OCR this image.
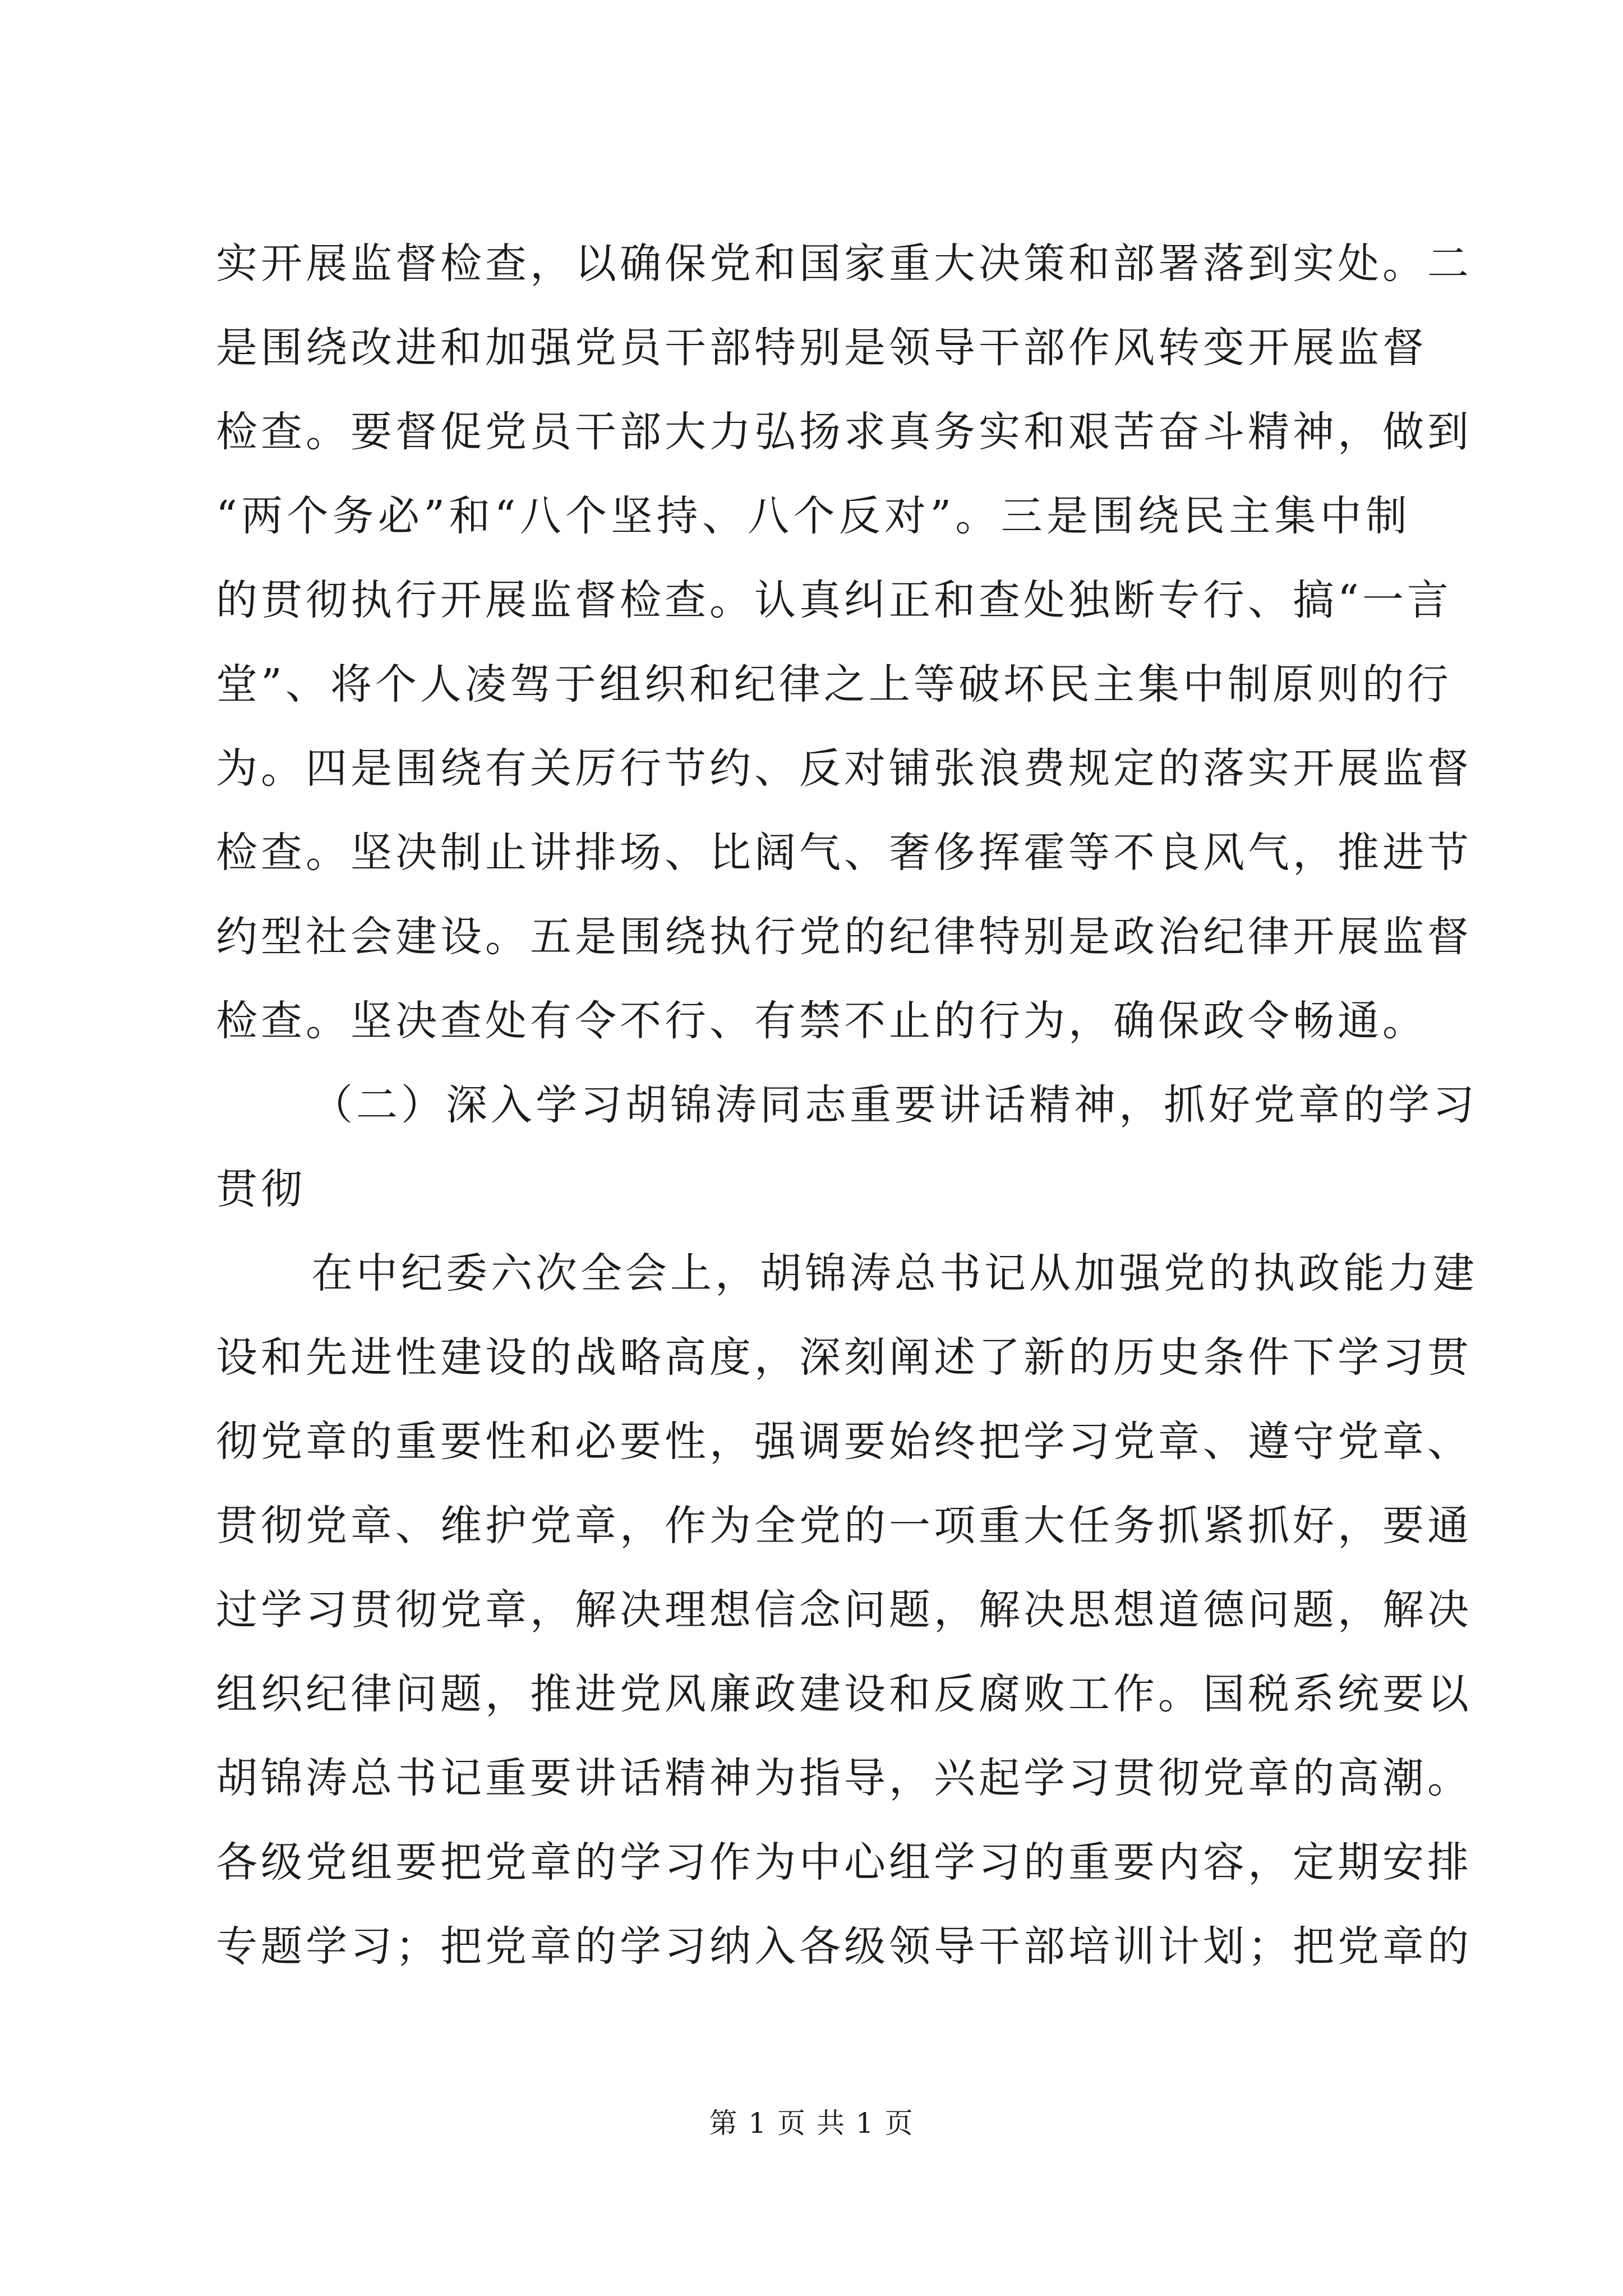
实开展监督检查，以确保党和国家重大决策和部署落到实处。二
是围绕改进和加强党员干部特别是领导干部作风转变开展监督
检查。要督促党员干部大力弘扬求真务实和艰苦奋斗精神，做到
“两个务必”和“八个坚持、八个反对”。三是围绕民主集中制
的贯彻执行开展监督检查。认真纠正和查处独断专行、搞“一言
堂”、将个人凌驾于组织和纪律之上等破坏民主集中制原则的行
为。四是围绕有关厉行节约、反对铺张浪费规定的落实开展监督
检查。坚决制止讲排场、比阔气、奢侈挥霍等不良风气，推进节
约型社会建设。五是围绕执行党的纪律特别是政治纪律开展监督
检查。坚决查处有令不行、有禁不止的行为，确保政令畅通。
（二）深入学习胡锦涛同志重要讲话精神，抓好党章的学习
贯彻
在中纪委六次全会上，胡锦涛总书记从加强党的执政能力建
设和先进性建设的战略高度，深刻阐述了新的历史条件下学习贯
彻党章的重要性和必要性，强调要始终把学习党章、遵守党章、
贯彻党章、维护党章，作为全党的一项重大任务抓紧抓好，要通
过学习贯彻党章，解决理想信念问题，解决思想道德问题，解决
组织纪律问题，推进党风廉政建设和反腐败工作。国税系统要以
胡锦涛总书记重要讲话精神为指导，兴起学习贯彻党章的高潮。
各级党组要把党章的学习作为中心组学习的重要内容，定期安排
专题学习；把党章的学习纳入各级领导干部培训计划；把党章的
第 1 页 共 1 页
